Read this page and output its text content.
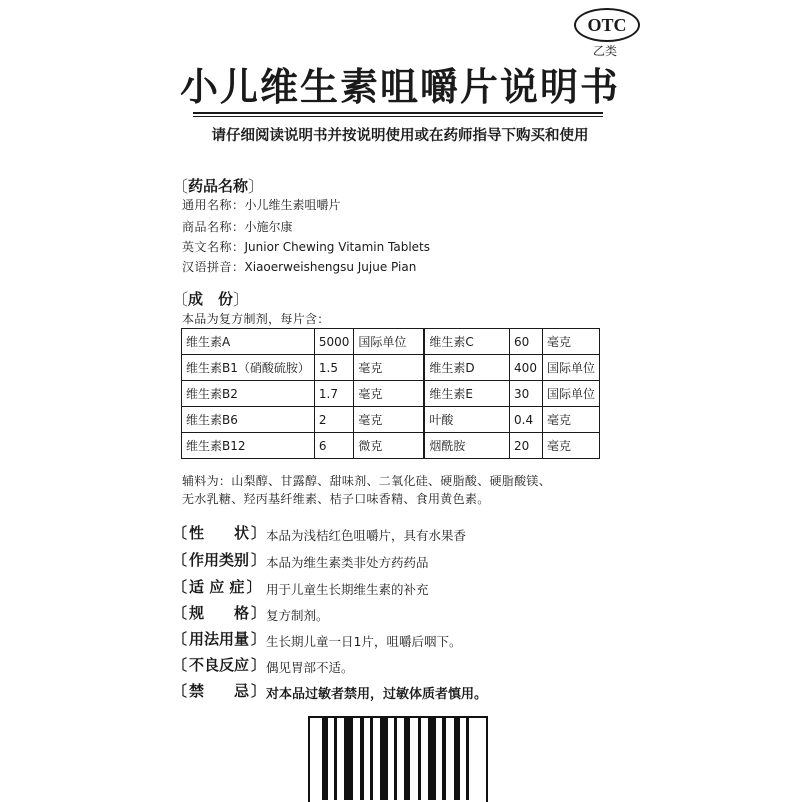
OTC
乙类
小儿维生素咀嚼片说明书
请仔细阅读说明书并按说明使用或在药师指导下购买和使用
〔 药品名称 〕
通用名称：小儿维生素咀嚼片
商品名称：小施尔康
英文名称：Junior Chewing Vitamin Tablets
汉语拼音：Xiaoerweishengsu Jujue Pian
〔 成　份 〕
本品为复方制剂，每片含：
维生素A	5000	国际单位	维生素C	60	毫克
维生素B1（硝酸硫胺）	1.5	毫克	维生素D	400	国际单位
维生素B2	1.7	毫克	维生素E	30	国际单位
维生素B6	2	毫克	叶酸	0.4	毫克
维生素B12	6	微克	烟酰胺	20	毫克
辅料为：山梨醇、甘露醇、甜味剂、二氧化硅、硬脂酸、硬脂酸镁、
无水乳糖、羟丙基纤维素、桔子口味香精、食用黄色素。
〔 性　　状 〕 本品为浅桔红色咀嚼片，具有水果香
〔 作用类别 〕 本品为维生素类非处方药药品
〔 适 应 症 〕 用于儿童生长期维生素的补充
〔 规　　格 〕 复方制剂。
〔 用法用量 〕 生长期儿童一日1片，咀嚼后咽下。
〔 不良反应 〕 偶见胃部不适。
〔 禁　　忌 〕 对本品过敏者禁用，过敏体质者慎用。
